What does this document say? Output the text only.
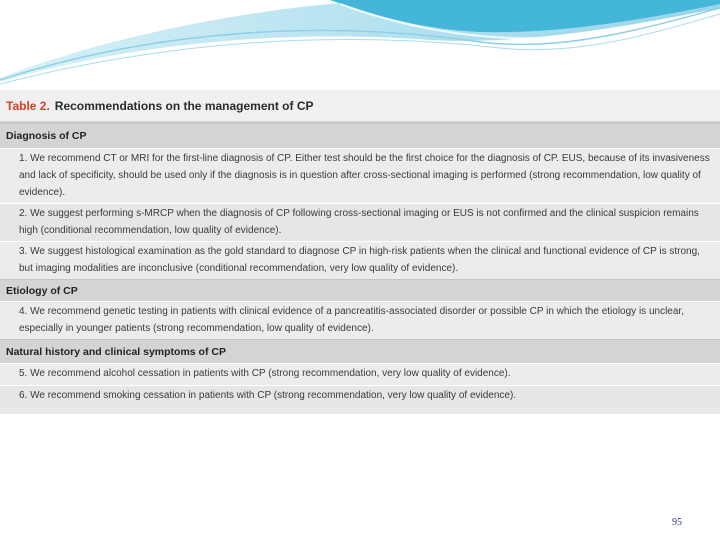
Table 2. Recommendations on the management of CP
Diagnosis of CP
1. We recommend CT or MRI for the first-line diagnosis of CP. Either test should be the first choice for the diagnosis of CP. EUS, because of its invasiveness and lack of specificity, should be used only if the diagnosis is in question after cross-sectional imaging is performed (strong recommendation, low quality of evidence).
2. We suggest performing s-MRCP when the diagnosis of CP following cross-sectional imaging or EUS is not confirmed and the clinical suspicion remains high (conditional recommendation, low quality of evidence).
3. We suggest histological examination as the gold standard to diagnose CP in high-risk patients when the clinical and functional evidence of CP is strong, but imaging modalities are inconclusive (conditional recommendation, very low quality of evidence).
Etiology of CP
4. We recommend genetic testing in patients with clinical evidence of a pancreatitis-associated disorder or possible CP in which the etiology is unclear, especially in younger patients (strong recommendation, low quality of evidence).
Natural history and clinical symptoms of CP
5. We recommend alcohol cessation in patients with CP (strong recommendation, very low quality of evidence).
6. We recommend smoking cessation in patients with CP (strong recommendation, very low quality of evidence).
95
